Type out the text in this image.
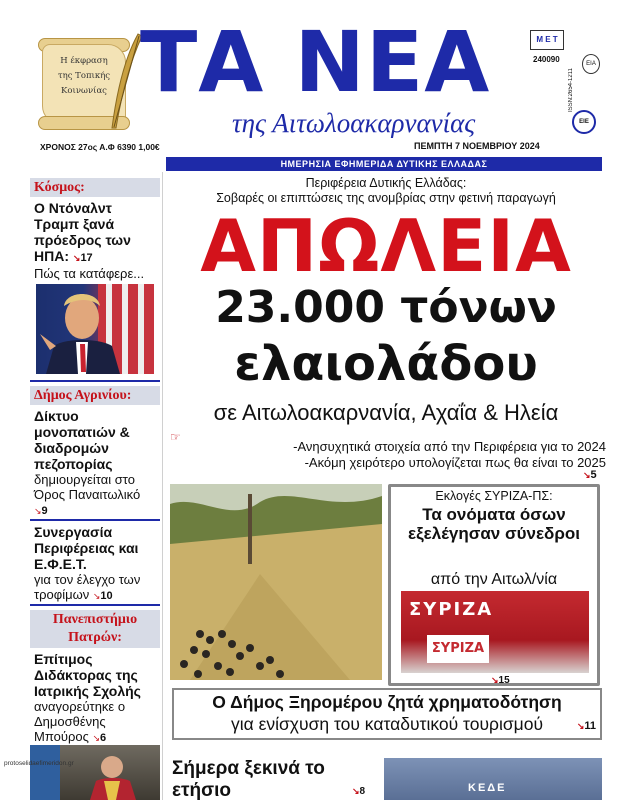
Η έκφραση
της Τοπικής
Κοινωνίας ΤΑ ΝΕΑ
της Αιτωλοακαρνανίας
Μ Ε Τ
240090
ISSN:2654-1211
ΕΙΑ
ΕΙΕ
ΧΡΟΝΟΣ 27ος Α.Φ 6390 1,00€	ΠΕΜΠΤΗ 7 ΝΟΕΜΒΡΙΟΥ 2024
ΗΜΕΡΗΣΙΑ ΕΦΗΜΕΡΙΔΑ ΔΥΤΙΚΗΣ ΕΛΛΑΔΑΣ
Κόσμος:
Ο Ντόναλντ Τραμπ ξανά πρόεδρος των ΗΠΑ: ↘17
Πώς τα κατάφερε...
Δήμος Αγρινίου:
Δίκτυο μονοπατιών & διαδρομών πεζοπορίας
δημιουργείται στο Όρος Παναιτωλικό ↘9
Συνεργασία Περιφέρειας και Ε.Φ.Ε.Τ.
για τον έλεγχο των τροφίμων ↘10
Πανεπιστήμιο Πατρών:
Επίτιμος Διδάκτορας της Ιατρικής Σχολής
αναγορεύτηκε ο Δημοσθένης Μπούρος ↘6
protoselidaefimeridon.gr
Περιφέρεια Δυτικής Ελλάδας:
Σοβαρές οι επιπτώσεις της ανομβρίας στην φετινή παραγωγή
ΑΠΩΛΕΙΑ
23.000 τόνων
ελαιολάδου
σε Αιτωλοακαρνανία, Αχαΐα & Ηλεία
☞
-Ανησυχητικά στοιχεία από την Περιφέρεια για το 2024
-Ακόμη χειρότερο υπολογίζεται πως θα είναι το 2025
↘5
Εκλογές ΣΥΡΙΖΑ-ΠΣ:
Τα ονόματα όσων εξελέγησαν σύνεδροι
από την Αιτωλ/νία
ΣΥΡΙΖΑ
ΣΥΡΙΖΑ
↘15
Ο Δήμος Ξηρομέρου ζητά χρηματοδότηση
για ενίσχυση του καταδυτικού τουρισμού	↘11
Σήμερα ξεκινά το ετήσιο	↘8	ΚΕΔΕ
